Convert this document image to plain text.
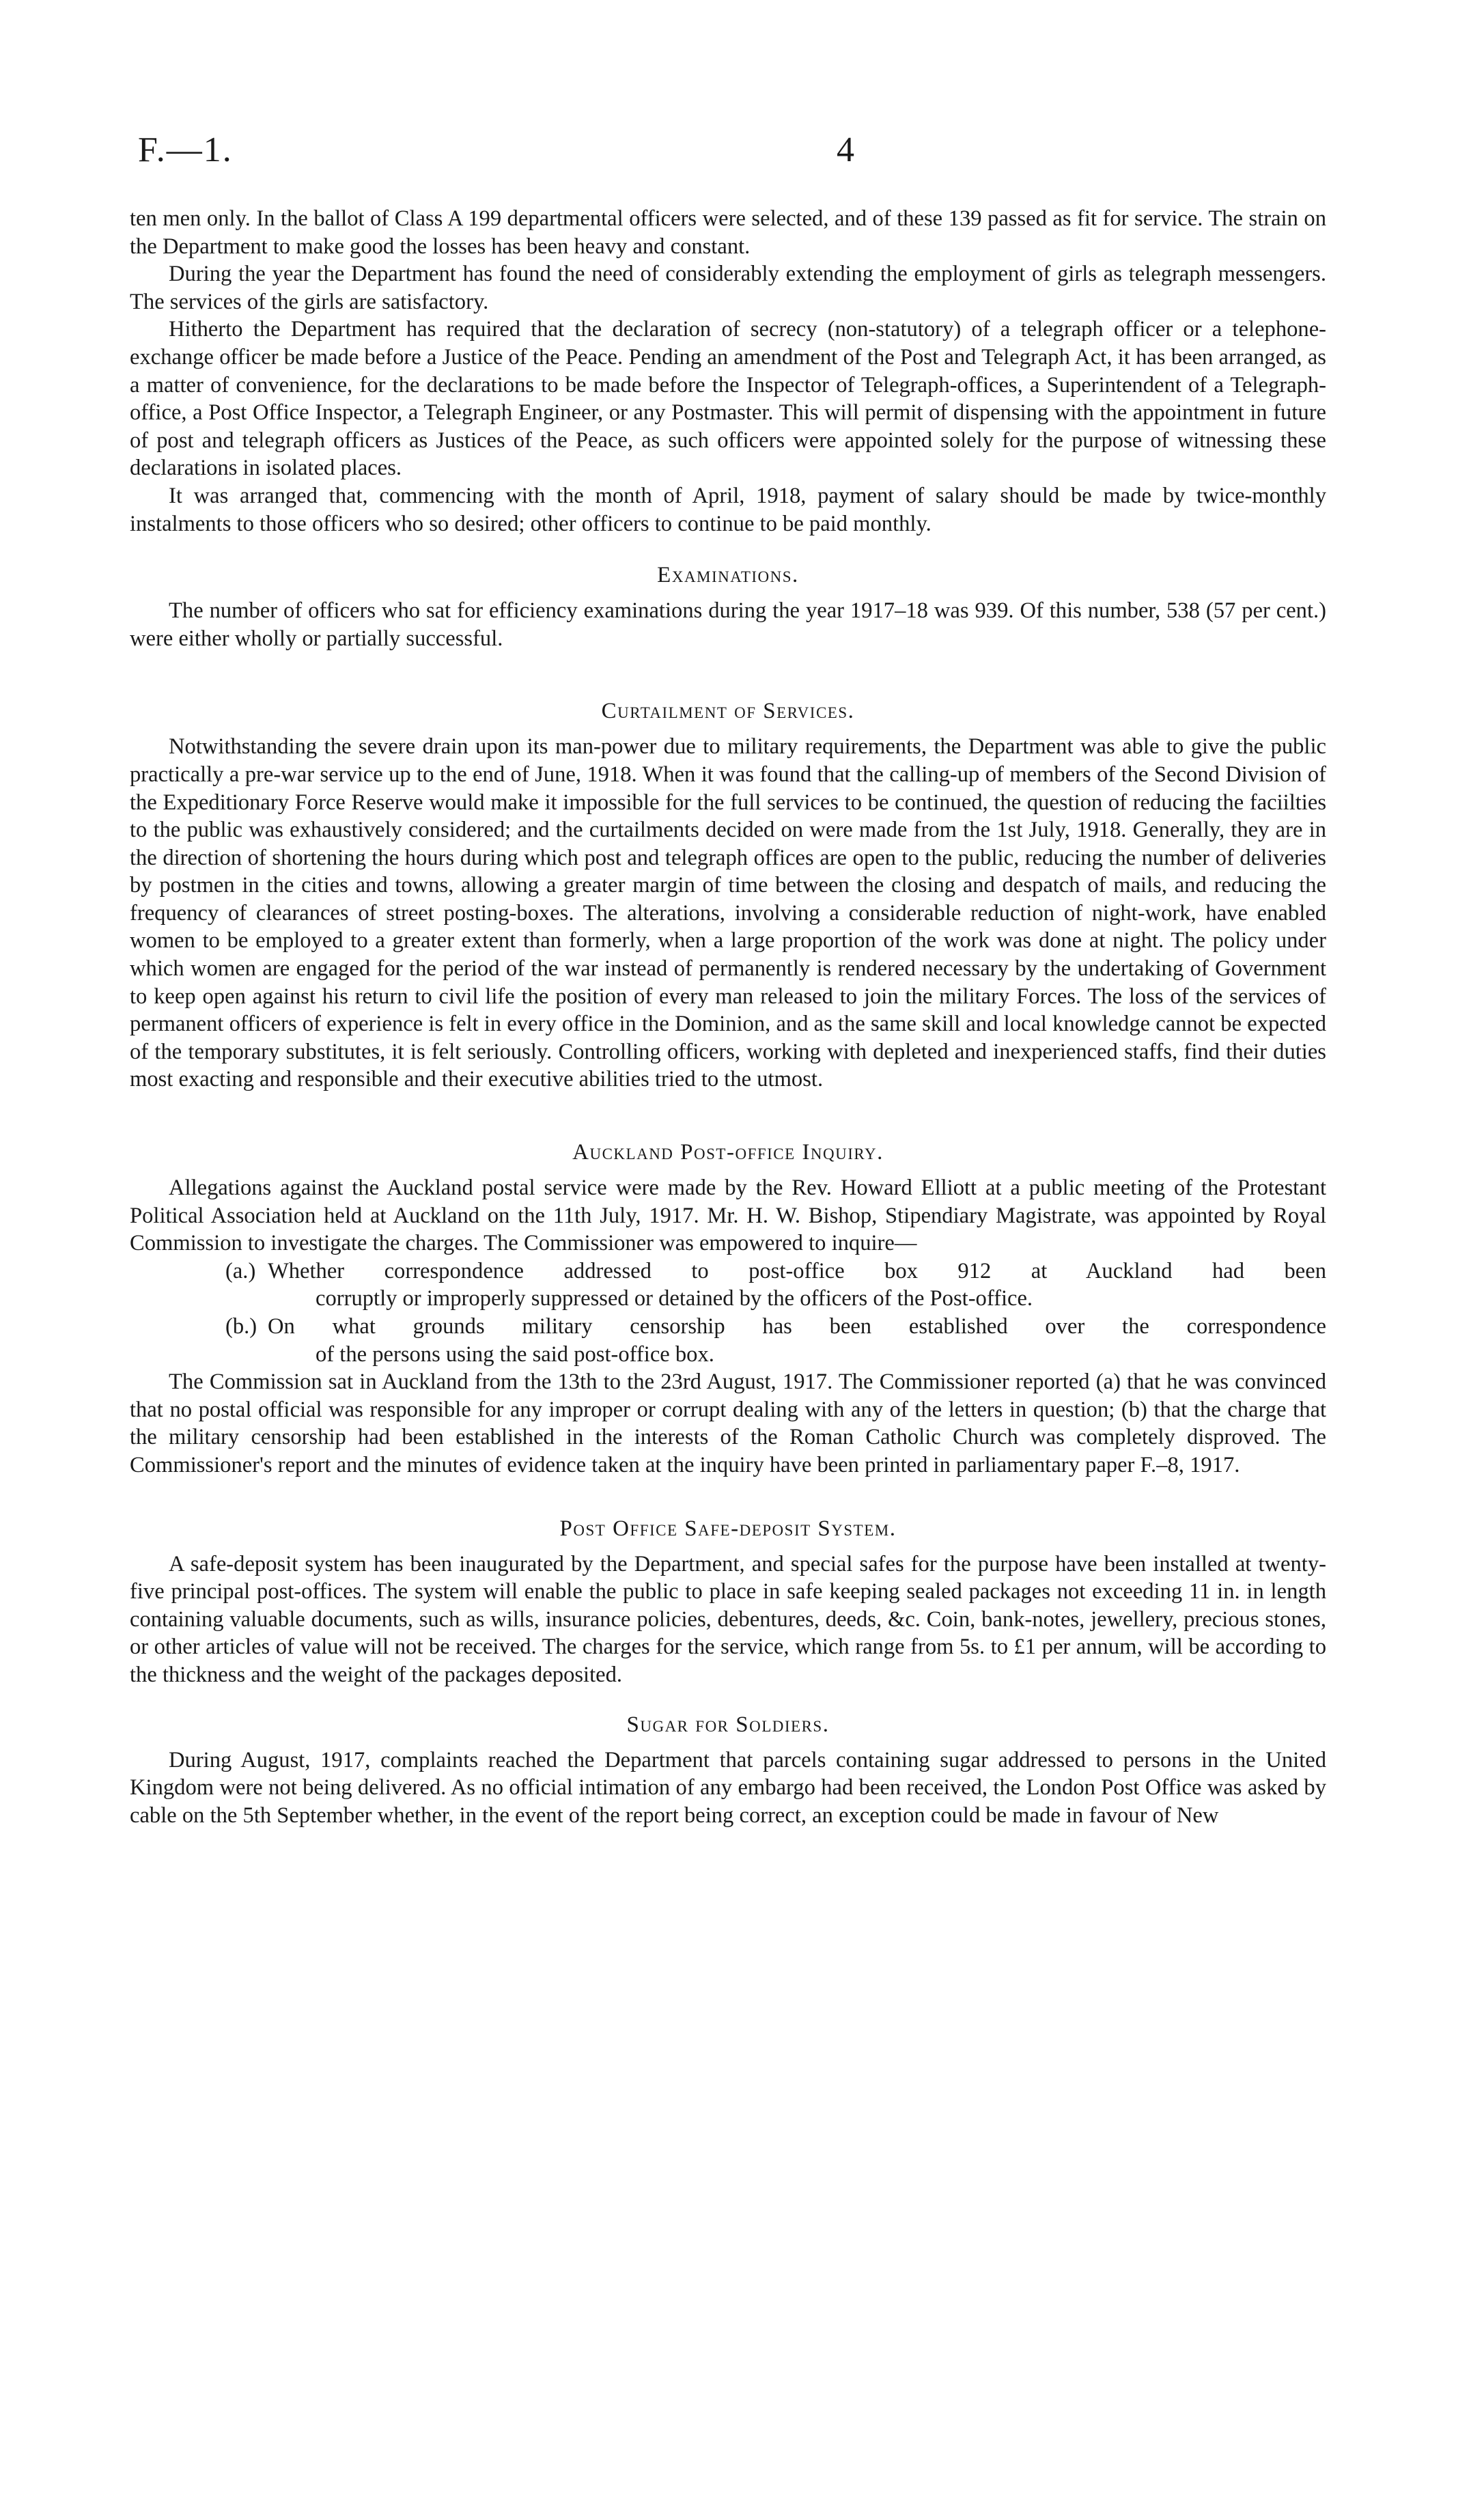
F.—1.	4

ten men only. In the ballot of Class A 199 departmental officers were selected, and of these 139 passed as fit for service. The strain on the Department to make good the losses has been heavy and constant.

During the year the Department has found the need of considerably extending the employment of girls as telegraph messengers. The services of the girls are satisfactory.

Hitherto the Department has required that the declaration of secrecy (non-statutory) of a telegraph officer or a telephone-exchange officer be made before a Justice of the Peace. Pending an amendment of the Post and Telegraph Act, it has been arranged, as a matter of convenience, for the declarations to be made before the Inspector of Telegraph-offices, a Superintendent of a Telegraph-office, a Post Office Inspector, a Telegraph Engineer, or any Postmaster. This will permit of dispensing with the appointment in future of post and telegraph officers as Justices of the Peace, as such officers were appointed solely for the purpose of witnessing these declarations in isolated places.

It was arranged that, commencing with the month of April, 1918, payment of salary should be made by twice-monthly instalments to those officers who so desired; other officers to continue to be paid monthly.

Examinations.

The number of officers who sat for efficiency examinations during the year 1917–18 was 939. Of this number, 538 (57 per cent.) were either wholly or partially successful.

Curtailment of Services.

Notwithstanding the severe drain upon its man-power due to military requirements, the Department was able to give the public practically a pre-war service up to the end of June, 1918. When it was found that the calling-up of members of the Second Division of the Expeditionary Force Reserve would make it impossible for the full services to be continued, the question of reducing the faciilties to the public was exhaustively considered; and the curtailments decided on were made from the 1st July, 1918. Generally, they are in the direction of shortening the hours during which post and telegraph offices are open to the public, reducing the number of deliveries by postmen in the cities and towns, allowing a greater margin of time between the closing and despatch of mails, and reducing the frequency of clearances of street posting-boxes. The alterations, involving a considerable reduction of night-work, have enabled women to be employed to a greater extent than formerly, when a large proportion of the work was done at night. The policy under which women are engaged for the period of the war instead of permanently is rendered necessary by the undertaking of Government to keep open against his return to civil life the position of every man released to join the military Forces. The loss of the services of permanent officers of experience is felt in every office in the Dominion, and as the same skill and local knowledge cannot be expected of the temporary substitutes, it is felt seriously. Controlling officers, working with depleted and inexperienced staffs, find their duties most exacting and responsible and their executive abilities tried to the utmost.

Auckland Post-office Inquiry.

Allegations against the Auckland postal service were made by the Rev. Howard Elliott at a public meeting of the Protestant Political Association held at Auckland on the 11th July, 1917. Mr. H. W. Bishop, Stipendiary Magistrate, was appointed by Royal Commission to investigate the charges. The Commissioner was empowered to inquire—

(a.) Whether correspondence addressed to post-office box 912 at Auckland had been
corruptly or improperly suppressed or detained by the officers of the Post-office.
(b.) On what grounds military censorship has been established over the correspondence
of the persons using the said post-office box.

The Commission sat in Auckland from the 13th to the 23rd August, 1917. The Commissioner reported (a) that he was convinced that no postal official was responsible for any improper or corrupt dealing with any of the letters in question; (b) that the charge that the military censorship had been established in the interests of the Roman Catholic Church was completely disproved. The Commissioner's report and the minutes of evidence taken at the inquiry have been printed in parliamentary paper F.–8, 1917.

Post Office Safe-deposit System.

A safe-deposit system has been inaugurated by the Department, and special safes for the purpose have been installed at twenty-five principal post-offices. The system will enable the public to place in safe keeping sealed packages not exceeding 11 in. in length containing valuable documents, such as wills, insurance policies, debentures, deeds, &c. Coin, bank-notes, jewellery, precious stones, or other articles of value will not be received. The charges for the service, which range from 5s. to £1 per annum, will be according to the thickness and the weight of the packages deposited.

Sugar for Soldiers.

During August, 1917, complaints reached the Department that parcels containing sugar addressed to persons in the United Kingdom were not being delivered. As no official intimation of any embargo had been received, the London Post Office was asked by cable on the 5th September whether, in the event of the report being correct, an exception could be made in favour of New
